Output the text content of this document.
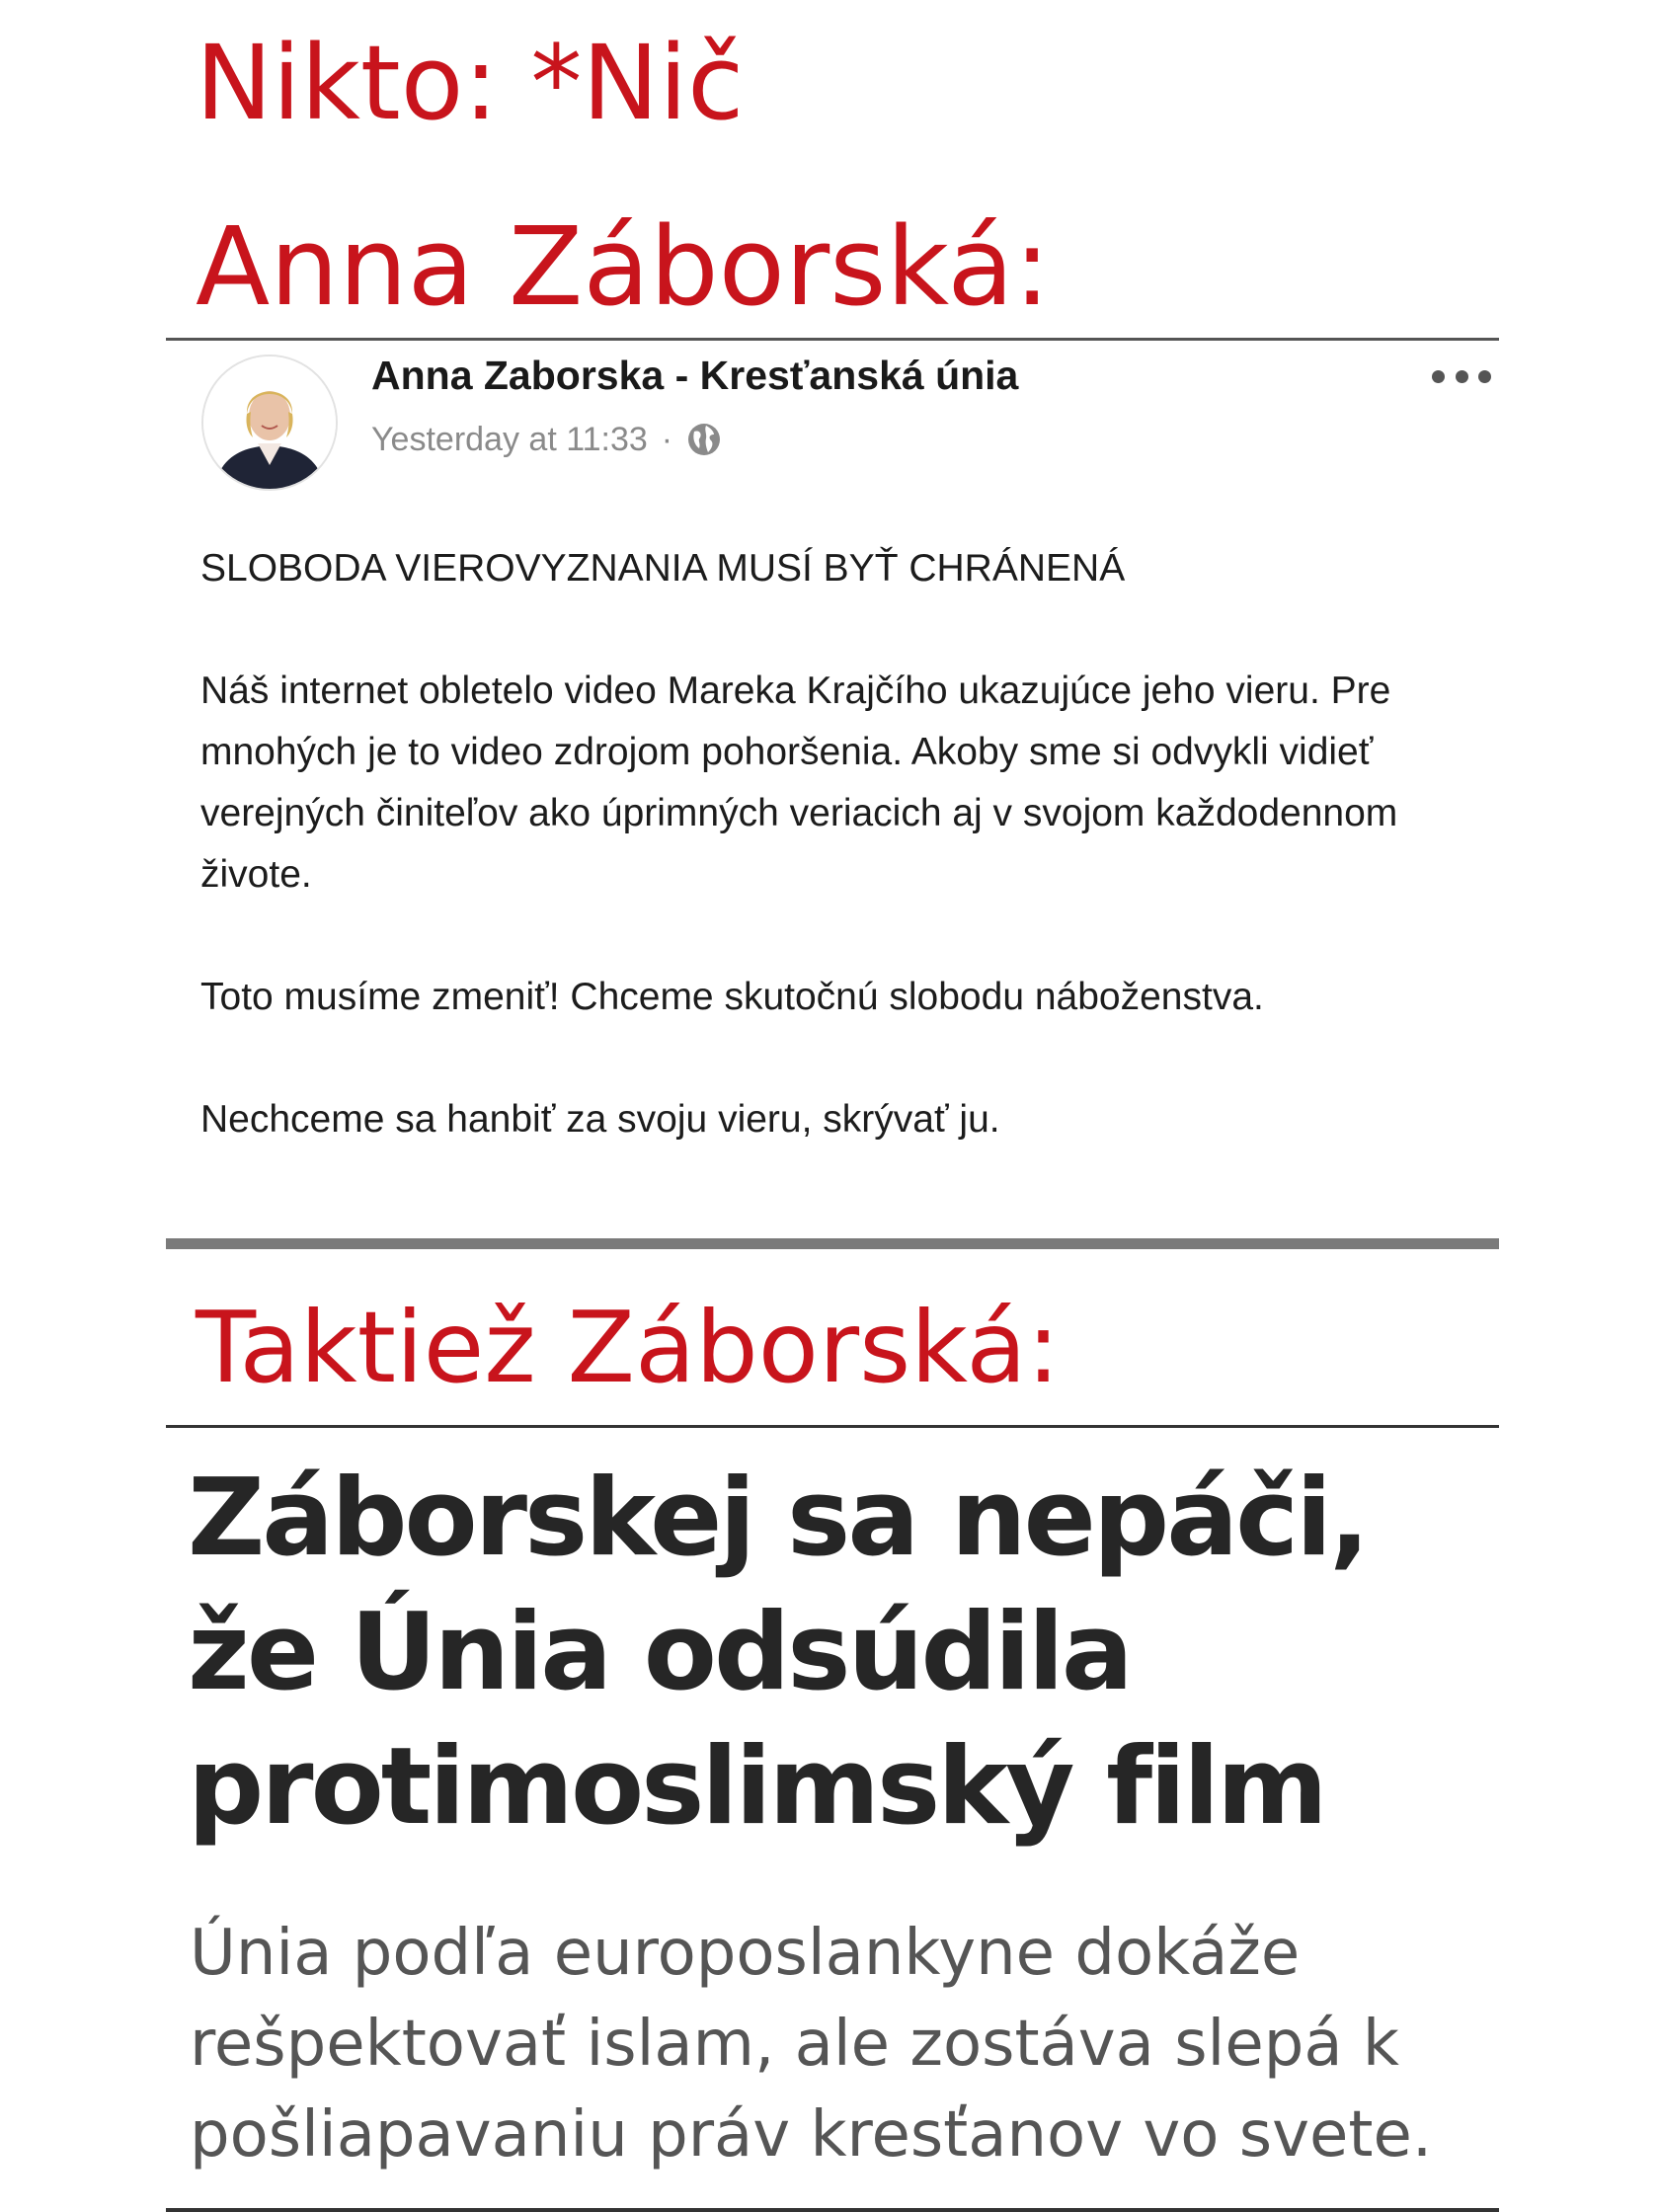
Nikto: *Nič
Anna Záborská:
Anna Zaborska - Kresťanská únia
Yesterday at 11:33 ·

SLOBODA VIEROVYZNANIA MUSÍ BYŤ CHRÁNENÁ

Náš internet obletelo video Mareka Krajčího ukazujúce jeho vieru. Pre mnohých je to video zdrojom pohoršenia. Akoby sme si odvykli vidieť verejných činiteľov ako úprimných veriacich aj v svojom každodennom živote.

Toto musíme zmeniť! Chceme skutočnú slobodu náboženstva.

Nechceme sa hanbiť za svoju vieru, skrývať ju.

Taktiež Záborská:
Záborskej sa nepáči,
že Únia odsúdila
protimoslimský film
Únia podľa europoslankyne dokáže
rešpektovať islam, ale zostáva slepá k
pošliapavaniu práv kresťanov vo svete.
